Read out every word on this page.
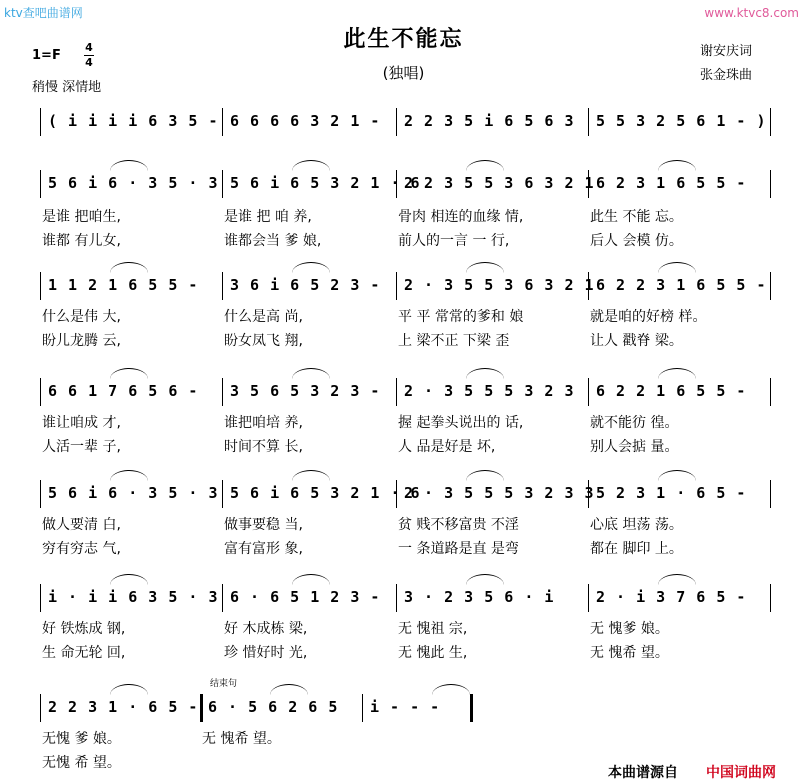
ktv查吧曲谱网	www.ktvc8.com
此生不能忘
(独唱)
1=F
4
4
稍慢 深情地
谢安庆词
张金珠曲
( i i i i 6 3 5 - 6 6 6 6 3 2 1 - 2 2 3 5 i 6 5 6 3 5 5 3 2 5 6 1 - )
5 6 i 6 · 3 5 · 3 5 6 i 6 5 3 2 1 · 6
2 2 3 5 5 3 6 3 2 1 6 2 3 1 6 5 5 -
是谁 把咱生,	是谁 把 咱 养,	骨肉 相连的血缘 情,	此生 不能 忘。
谁都 有儿女,	谁都会当 爹 娘,	前人的一言 一 行,	后人 会模 仿。
1 1 2 1 6 5 5 - 3 6 i 6 5 2 3 - 2 · 3 5 5 3 6 3 2 1 6 2 2 3 1 6 5 5 -
什么是伟 大,	什么是高 尚,	平 平 常常的爹和 娘	就是咱的好榜 样。
盼儿龙腾 云,	盼女凤飞 翔,	上 梁不正 下梁 歪	让人 戳脊 梁。
6 6 1 7 6 5 6 - 3 5 6 5 3 2 3 - 2 · 3 5 5 5 3 2 3 6 2 2 1 6 5 5 -
谁让咱成 才,	谁把咱培 养,	握 起拳头说出的 话,	就不能彷 徨。
人活一辈 子,	时间不算 长,	人 品是好是 坏,	别人会掂 量。
5 6 i 6 · 3 5 · 3 5 6 i 6 5 3 2 1 · 6
2 · 3 5 5 5 3 2 3 3 5 2 3 1 · 6 5 -
做人要清 白,	做事要稳 当,	贫 贱不移富贵 不淫	心底 坦荡 荡。
穷有穷志 气,	富有富形 象,	一 条道路是直 是弯	都在 脚印 上。
i · i i 6 3 5 · 3 6 · 6 5 1 2 3 - 3 · 2 3 5 6 · i	2 · i 3 7 6 5 -
好 铁炼成 钢,	好 木成栋 梁,	无 愧祖 宗,	无 愧爹 娘。
生 命无轮 回,	珍 惜好时 光,	无 愧此 生,	无 愧希 望。
2 2 3 1 · 6 5 - 6 · 5 6 2 6 5 i - - -
无愧 爹 娘。	无 愧希 望。
无愧 希 望。
结束句
本曲谱源自 中国词曲网
